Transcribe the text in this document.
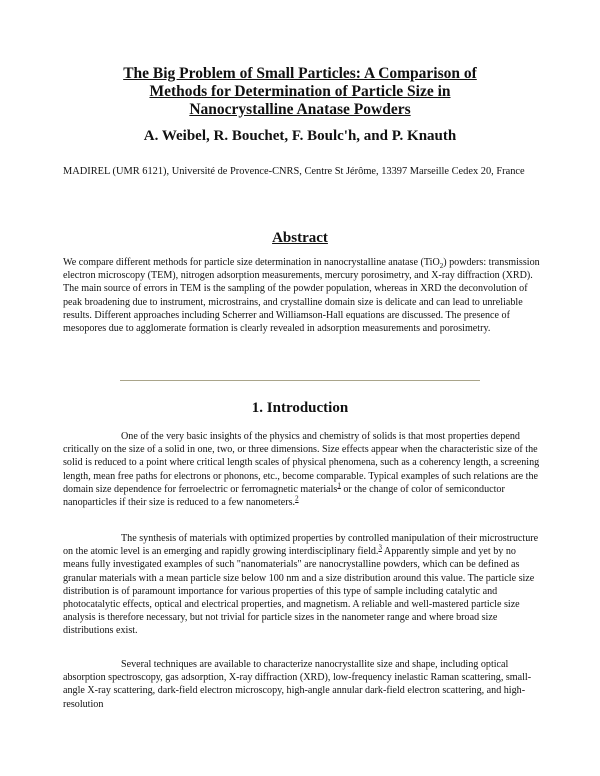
The Big Problem of Small Particles: A Comparison of
Methods for Determination of Particle Size in
Nanocrystalline Anatase Powders
A. Weibel, R. Bouchet, F. Boulc'h, and P. Knauth
MADIREL (UMR 6121), Université de Provence-CNRS, Centre St Jérôme, 13397 Marseille Cedex 20, France
Abstract
We compare different methods for particle size determination in nanocrystalline anatase (TiO$_2$) powders: transmission electron microscopy (TEM), nitrogen adsorption measurements, mercury porosimetry, and X-ray diffraction (XRD). The main source of errors in TEM is the sampling of the powder population, whereas in XRD the deconvolution of peak broadening due to instrument, microstrains, and crystalline domain size is delicate and can lead to unreliable results. Different approaches including Scherrer and Williamson-Hall equations are discussed. The presence of mesopores due to agglomerate formation is clearly revealed in adsorption measurements and porosimetry.
1. Introduction
One of the very basic insights of the physics and chemistry of solids is that most properties depend critically on the size of a solid in one, two, or three dimensions. Size effects appear when the characteristic size of the solid is reduced to a point where critical length scales of physical phenomena, such as a coherency length, a screening length, mean free paths for electrons or phonons, etc., become comparable. Typical examples of such relations are the domain size dependence for ferroelectric or ferromagnetic materials$^1$ or the change of color of semiconductor nanoparticles if their size is reduced to a few nanometers.$^2$
The synthesis of materials with optimized properties by controlled manipulation of their microstructure on the atomic level is an emerging and rapidly growing interdisciplinary field.$^3$ Apparently simple and yet by no means fully investigated examples of such "nanomaterials" are nanocrystalline powders, which can be defined as granular materials with a mean particle size below 100 nm and a size distribution around this value. The particle size distribution is of paramount importance for various properties of this type of sample including catalytic and photocatalytic effects, optical and electrical properties, and magnetism. A reliable and well-mastered particle size analysis is therefore necessary, but not trivial for particle sizes in the nanometer range and where broad size distributions exist.
Several techniques are available to characterize nanocrystallite size and shape, including optical absorption spectroscopy, gas adsorption, X-ray diffraction (XRD), low-frequency inelastic Raman scattering, small-angle X-ray scattering, dark-field electron microscopy, high-angle annular dark-field electron scattering, and high-resolution
